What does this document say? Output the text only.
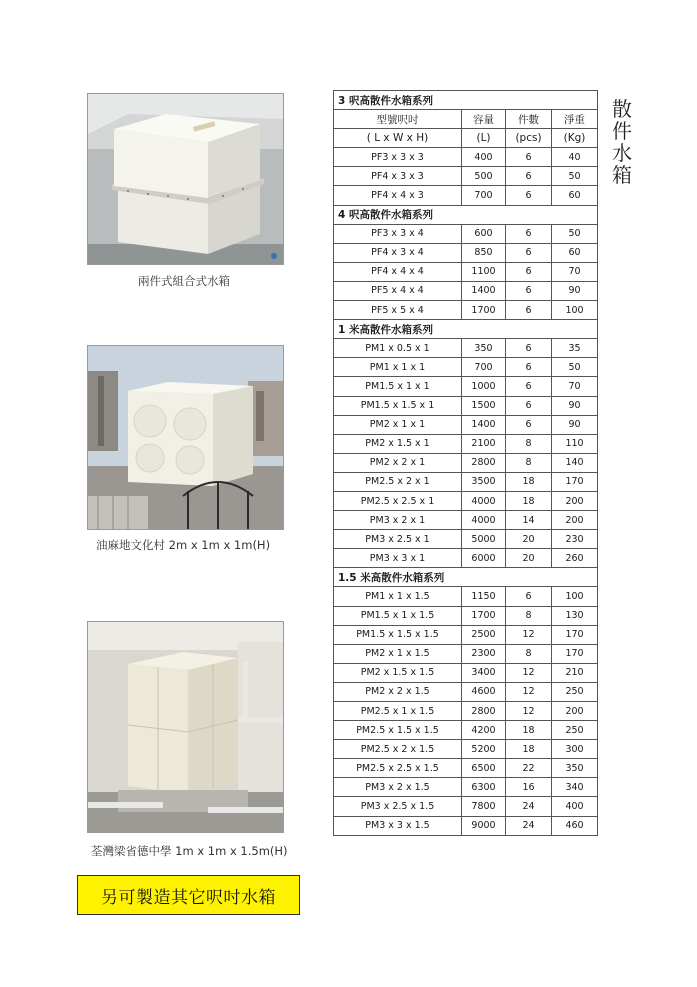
兩件式組合式水箱
油麻地文化村 2m x 1m x 1m(H)
荃灣梁省德中學 1m x 1m x 1.5m(H)
另可製造其它呎吋水箱
散
件
水
箱
3 呎高散件水箱系列			
型號呎吋	容量	件數	淨重
( L x W x H)	(L)	(pcs)	(Kg)
PF3 x 3 x 3	400	6	40
PF4 x 3 x 3	500	6	50
PF4 x 4 x 3	700	6	60
4 呎高散件水箱系列			
PF3 x 3 x 4	600	6	50
PF4 x 3 x 4	850	6	60
PF4 x 4 x 4	1100	6	70
PF5 x 4 x 4	1400	6	90
PF5 x 5 x 4	1700	6	100
1 米高散件水箱系列			
PM1 x 0.5 x 1	350	6	35
PM1 x 1 x 1	700	6	50
PM1.5 x 1 x 1	1000	6	70
PM1.5 x 1.5 x 1	1500	6	90
PM2 x 1 x 1	1400	6	90
PM2 x 1.5 x 1	2100	8	110
PM2 x 2 x 1	2800	8	140
PM2.5 x 2 x 1	3500	18	170
PM2.5 x 2.5 x 1	4000	18	200
PM3 x 2 x 1	4000	14	200
PM3 x 2.5 x 1	5000	20	230
PM3 x 3 x 1	6000	20	260
1.5 米高散件水箱系列			
PM1 x 1 x 1.5	1150	6	100
PM1.5 x 1 x 1.5	1700	8	130
PM1.5 x 1.5 x 1.5	2500	12	170
PM2 x 1 x 1.5	2300	8	170
PM2 x 1.5 x 1.5	3400	12	210
PM2 x 2 x 1.5	4600	12	250
PM2.5 x 1 x 1.5	2800	12	200
PM2.5 x 1.5 x 1.5	4200	18	250
PM2.5 x 2 x 1.5	5200	18	300
PM2.5 x 2.5 x 1.5	6500	22	350
PM3 x 2 x 1.5	6300	16	340
PM3 x 2.5 x 1.5	7800	24	400
PM3 x 3 x 1.5	9000	24	460
